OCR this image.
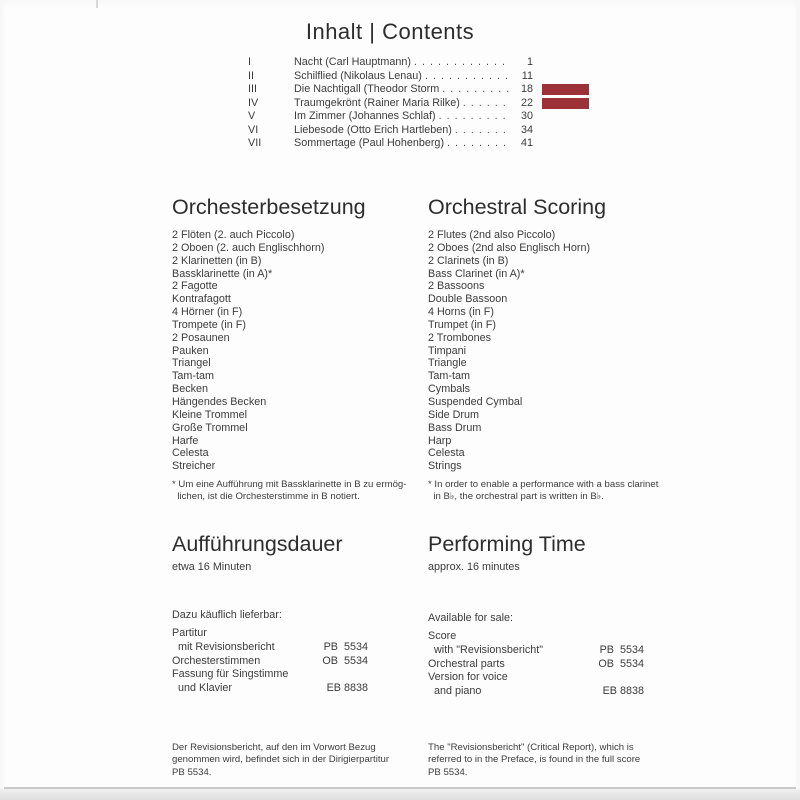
Inhalt | Contents
I	Nacht (Carl Hauptmann) . . .	1
II	Schilflied (Nikolaus Lenau) . . .	11
III	Die Nachtigall (Theodor Storm . . .	18
IV	Traumgekrönt (Rainer Maria Rilke) . . .	22
V	Im Zimmer (Johannes Schlaf) . . .	30
VI	Liebesode (Otto Erich Hartleben) . . .	34
VII	Sommertage (Paul Hohenberg) . . .	41
Orchesterbesetzung
2 Flöten (2. auch Piccolo)
2 Oboen (2. auch Englischhorn)
2 Klarinetten (in B)
Bassklarinette (in A)*
2 Fagotte
Kontrafagott
4 Hörner (in F)
Trompete (in F)
2 Posaunen
Pauken
Triangel
Tam-tam
Becken
Hängendes Becken
Kleine Trommel
Große Trommel
Harfe
Celesta
Streicher
Orchestral Scoring
2 Flutes (2nd also Piccolo)
2 Oboes (2nd also Englisch Horn)
2 Clarinets (in B)
Bass Clarinet (in A)*
2 Bassoons
Double Bassoon
4 Horns (in F)
Trumpet (in F)
2 Trombones
Timpani
Triangle
Tam-tam
Cymbals
Suspended Cymbal
Side Drum
Bass Drum
Harp
Celesta
Strings
* Um eine Aufführung mit Bassklarinette in B zu ermög-
lichen, ist die Orchesterstimme in B notiert.
* In order to enable a performance with a bass clarinet
in B♭, the orchestral part is written in B♭.
Aufführungsdauer
etwa 16 Minuten
Performing Time
approx. 16 minutes
Dazu käuflich lieferbar:
Partitur
mit Revisionsbericht	PB  5534
Orchesterstimmen	OB  5534
Fassung für Singstimme
und Klavier	EB 8838
Available for sale:
Score
with "Revisionsbericht"	PB  5534
Orchestral parts	OB  5534
Version for voice
and piano	EB 8838
Der Revisionsbericht, auf den im Vorwort Bezug
genommen wird, befindet sich in der Dirigierpartitur
PB 5534.
The "Revisionsbericht" (Critical Report), which is
referred to in the Preface, is found in the full score
PB 5534.
